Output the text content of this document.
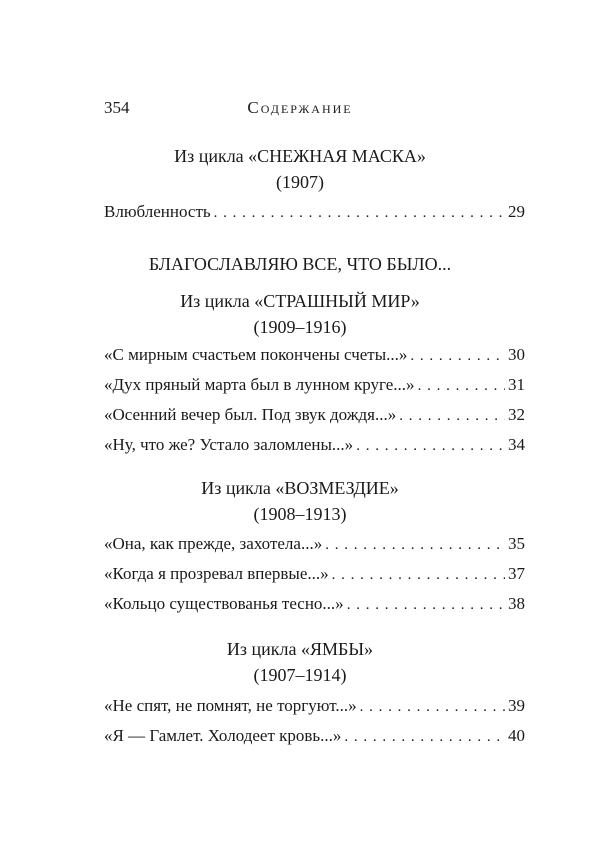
354	Содержание
Из цикла «СНЕЖНАЯ МАСКА»
(1907)
Влюбленность . . .	29
БЛАГОСЛАВЛЯЮ ВСЕ, ЧТО БЫЛО...
Из цикла «СТРАШНЫЙ МИР»
(1909–1916)
«С мирным счастьем покончены счеты...» . . .	30
«Дух пряный марта был в лунном круге...» . . .	31
«Осенний вечер был. Под звук дождя...» . . .	32
«Ну, что же? Устало заломлены...» . . .	34
Из цикла «ВОЗМЕЗДИЕ»
(1908–1913)
«Она, как прежде, захотела...» . . .	35
«Когда я прозревал впервые...» . . .	37
«Кольцо существованья тесно...» . . .	38
Из цикла «ЯМБЫ»
(1907–1914)
«Не спят, не помнят, не торгуют...» . . .	39
«Я — Гамлет. Холодеет кровь...» . . .	40
